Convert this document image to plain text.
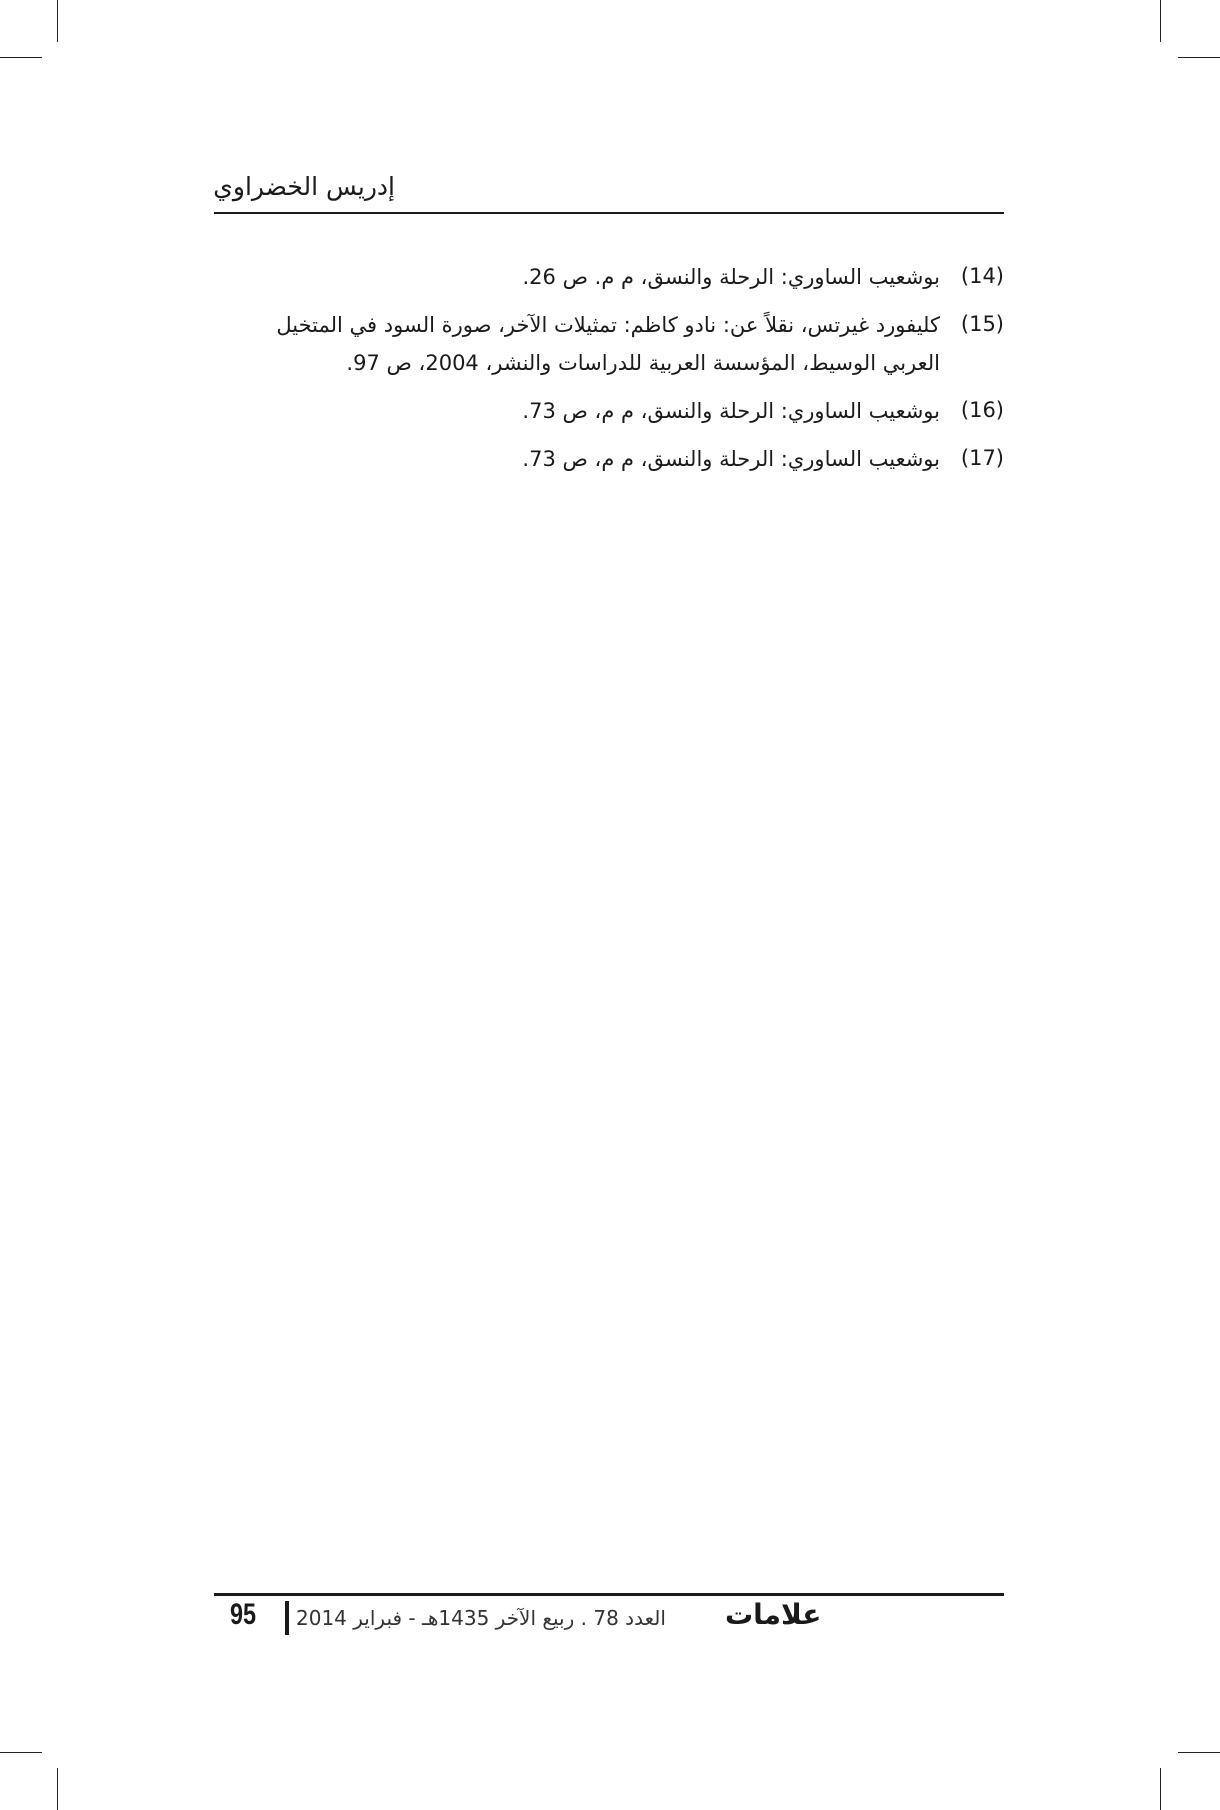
إدريس الخضراوي
(14)
بوشعيب الساوري: الرحلة والنسق، م م. ص 26.
(15)
كليفورد غيرتس، نقلاً عن: نادو كاظم: تمثيلات الآخر، صورة السود في المتخيل العربي الوسيط، المؤسسة العربية للدراسات والنشر، 2004، ص 97.
(16)
بوشعيب الساوري: الرحلة والنسق، م م، ص 73.
(17)
بوشعيب الساوري: الرحلة والنسق، م م، ص 73.
95 العدد 78 . ربيع الآخر 1435هـ - فبراير 2014 علامات
